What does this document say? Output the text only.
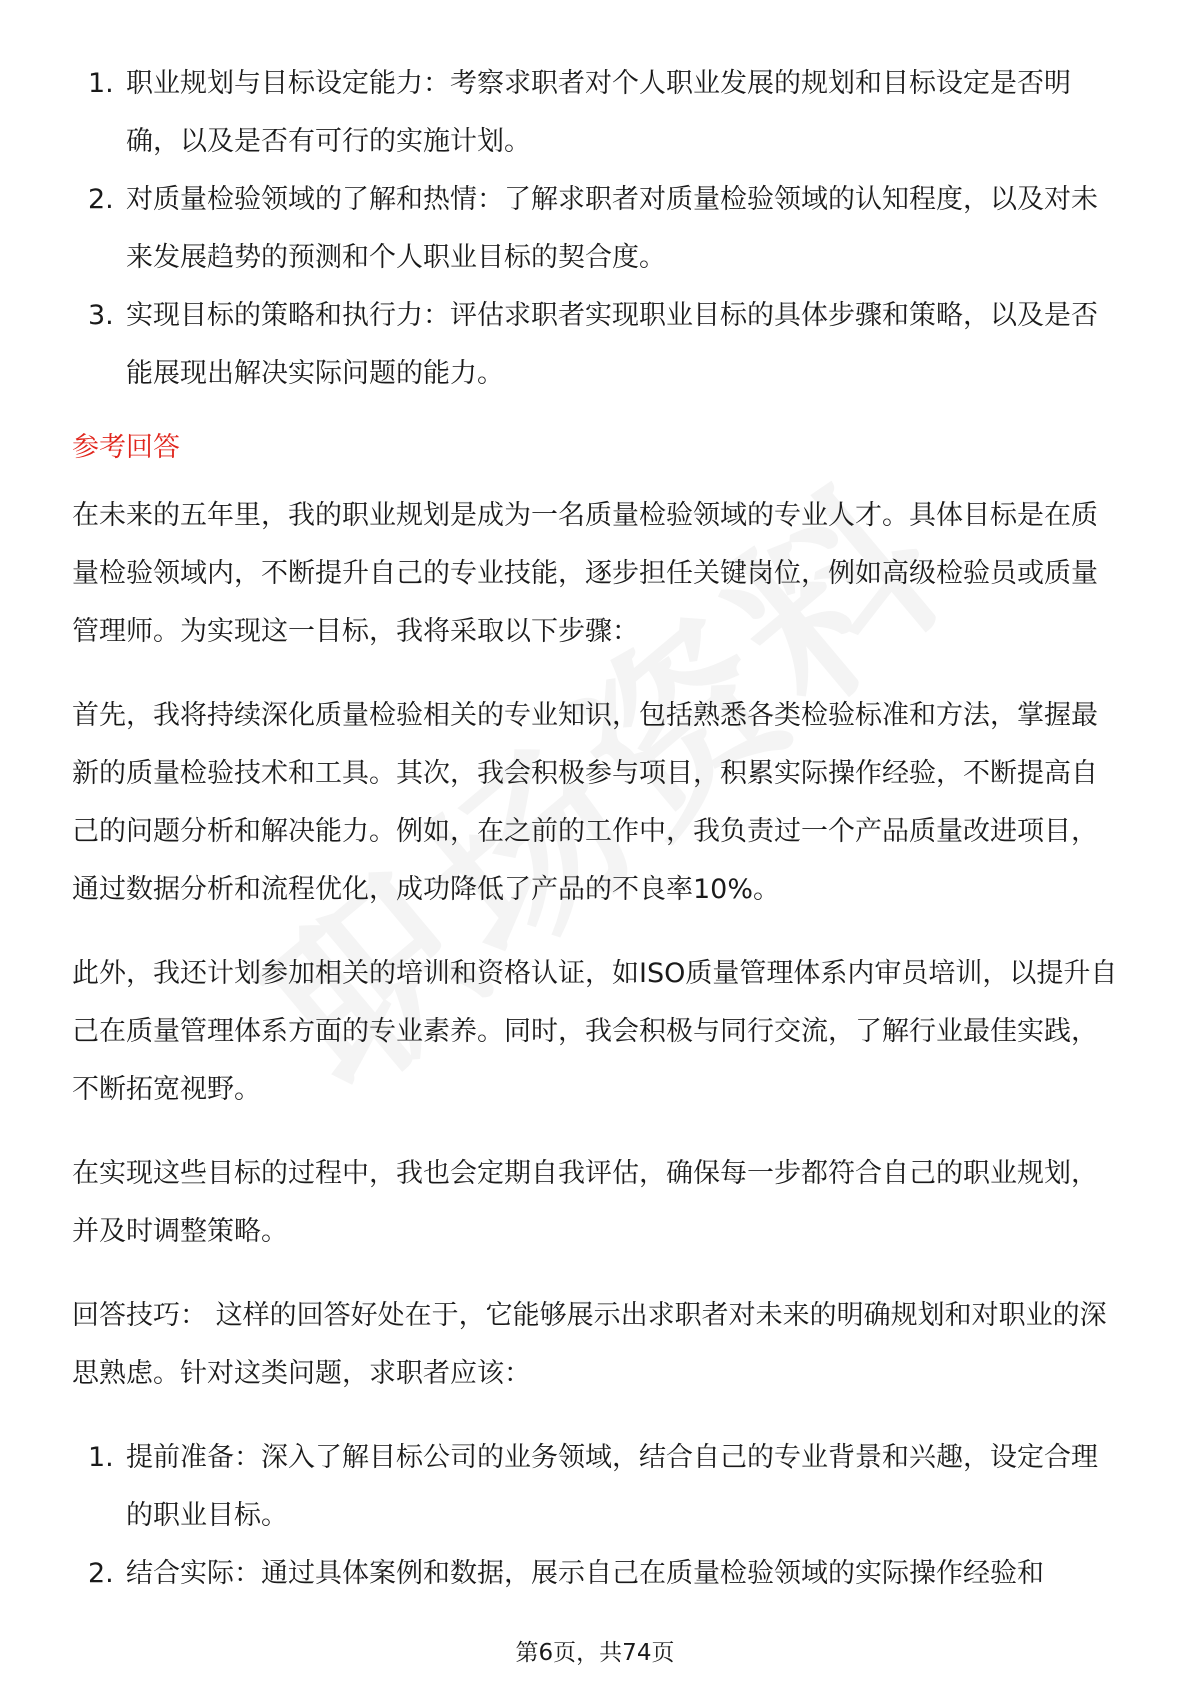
1. 职业规划与目标设定能力：考察求职者对个人职业发展的规划和目标设定是否明确，以及是否有可行的实施计划。
2. 对质量检验领域的了解和热情：了解求职者对质量检验领域的认知程度，以及对未来发展趋势的预测和个人职业目标的契合度。
3. 实现目标的策略和执行力：评估求职者实现职业目标的具体步骤和策略，以及是否能展现出解决实际问题的能力。
参考回答

在未来的五年里，我的职业规划是成为一名质量检验领域的专业人才。具体目标是在质量检验领域内，不断提升自己的专业技能，逐步担任关键岗位，例如高级检验员或质量管理师。为实现这一目标，我将采取以下步骤：

首先，我将持续深化质量检验相关的专业知识，包括熟悉各类检验标准和方法，掌握最新的质量检验技术和工具。其次，我会积极参与项目，积累实际操作经验，不断提高自己的问题分析和解决能力。例如，在之前的工作中，我负责过一个产品质量改进项目，通过数据分析和流程优化，成功降低了产品的不良率10%。

此外，我还计划参加相关的培训和资格认证，如ISO质量管理体系内审员培训，以提升自己在质量管理体系方面的专业素养。同时，我会积极与同行交流，了解行业最佳实践，不断拓宽视野。

在实现这些目标的过程中，我也会定期自我评估，确保每一步都符合自己的职业规划，并及时调整策略。

回答技巧： 这样的回答好处在于，它能够展示出求职者对未来的明确规划和对职业的深思熟虑。针对这类问题，求职者应该：

1. 提前准备：深入了解目标公司的业务领域，结合自己的专业背景和兴趣，设定合理的职业目标。
2. 结合实际：通过具体案例和数据，展示自己在质量检验领域的实际操作经验和
第6页，共74页
